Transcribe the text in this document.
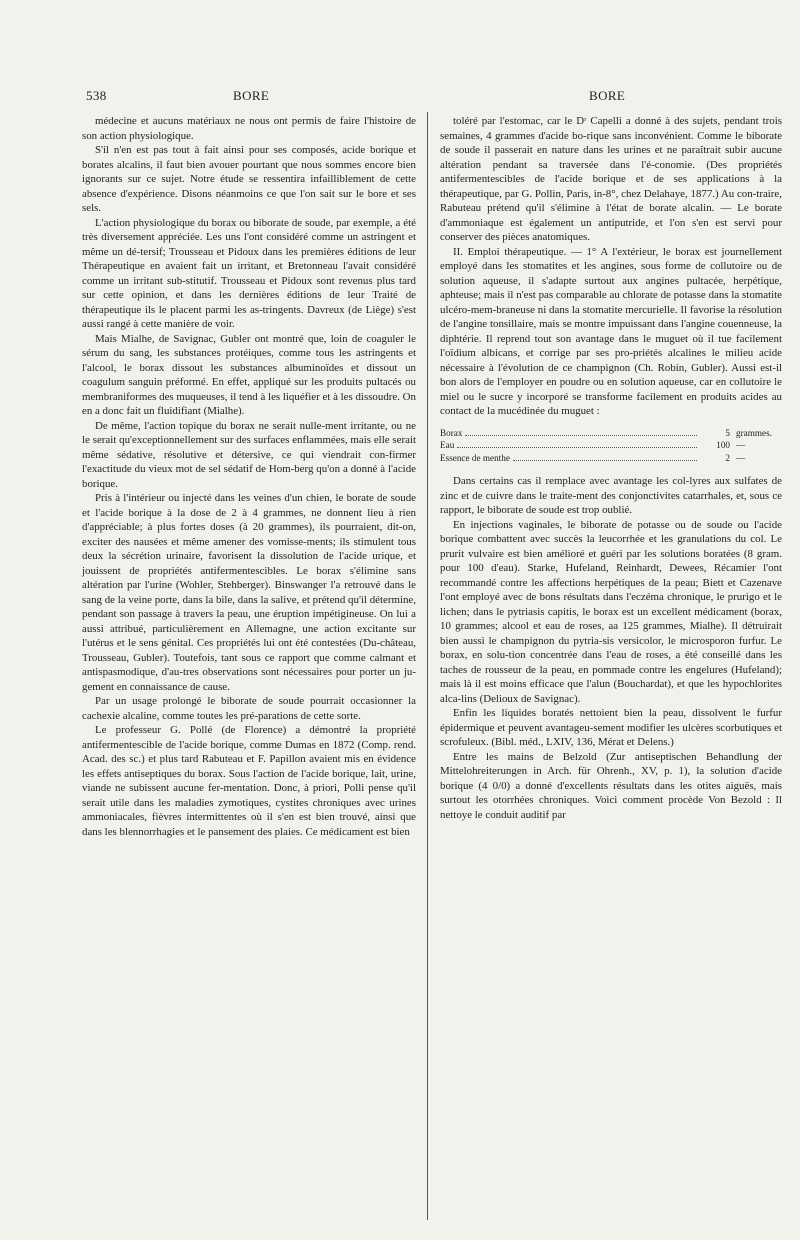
538	BORE	BORE

médecine et aucuns matériaux ne nous ont permis de faire l'histoire de son action physiologique.

S'il n'en est pas tout à fait ainsi pour ses composés, acide borique et borates alcalins, il faut bien avouer pourtant que nous sommes encore bien ignorants sur ce sujet. Notre étude se ressentira infailliblement de cette absence d'expérience. Disons néanmoins ce que l'on sait sur le bore et ses sels.

L'action physiologique du borax ou biborate de soude, par exemple, a été très diversement appréciée. Les uns l'ont considéré comme un astringent et même un dé-tersif; Trousseau et Pidoux dans les premières éditions de leur Thérapeutique en avaient fait un irritant, et Bretonneau l'avait considéré comme un irritant sub-stitutif. Trousseau et Pidoux sont revenus plus tard sur cette opinion, et dans les dernières éditions de leur Traité de thérapeutique ils le placent parmi les as-tringents. Davreux (de Liège) s'est aussi rangé à cette manière de voir.

Mais Mialhe, de Savignac, Gubler ont montré que, loin de coaguler le sérum du sang, les substances protéiques, comme tous les astringents et l'alcool, le borax dissout les substances albuminoïdes et dissout un coagulum sanguin préformé. En effet, appliqué sur les produits pultacés ou membraniformes des muqueuses, il tend à les liquéfier et à les dissoudre. On en a donc fait un fluidifiant (Mialhe).

De même, l'action topique du borax ne serait nulle-ment irritante, ou ne le serait qu'exceptionnellement sur des surfaces enflammées, mais elle serait même sédative, résolutive et détersive, ce qui viendrait con-firmer l'exactitude du vieux mot de sel sédatif de Hom-berg qu'on a donné à l'acide borique.

Pris à l'intérieur ou injecté dans les veines d'un chien, le borate de soude et l'acide borique à la dose de 2 à 4 grammes, ne donnent lieu à rien d'appréciable; à plus fortes doses (à 20 grammes), ils pourraient, dit-on, exciter des nausées et même amener des vomisse-ments; ils stimulent tous deux la sécrétion urinaire, favorisent la dissolution de l'acide urique, et jouissent de propriétés antifermentescibles. Le borax s'élimine sans altération par l'urine (Wohler, Stehberger). Binswanger l'a retrouvé dans le sang de la veine porte, dans la bile, dans la salive, et prétend qu'il détermine, pendant son passage à travers la peau, une éruption impétigineuse. On lui a aussi attribué, particulièrement en Allemagne, une action excitante sur l'utérus et le sens génital. Ces propriétés lui ont été contestées (Du-château, Trousseau, Gubler). Toutefois, tant sous ce rapport que comme calmant et antispasmodique, d'au-tres observations sont nécessaires pour porter un ju-gement en connaissance de cause.

Par un usage prolongé le biborate de soude pourrait occasionner la cachexie alcaline, comme toutes les pré-parations de cette sorte.

Le professeur G. Pollé (de Florence) a démontré la propriété antifermentescible de l'acide borique, comme Dumas en 1872 (Comp. rend. Acad. des sc.) et plus tard Rabuteau et F. Papillon avaient mis en évidence les effets antiseptiques du borax. Sous l'action de l'acide borique, lait, urine, viande ne subissent aucune fer-mentation. Donc, à priori, Polli pense qu'il serait utile dans les maladies zymotiques, cystites chroniques avec urines ammoniacales, fièvres intermittentes où il s'en est bien trouvé, ainsi que dans les blennorrhagies et le pansement des plaies. Ce médicament est bien

toléré par l'estomac, car le Dʳ Capelli a donné à des sujets, pendant trois semaines, 4 grammes d'acide bo-rique sans inconvénient. Comme le biborate de soude il passerait en nature dans les urines et ne paraîtrait subir aucune altération pendant sa traversée dans l'é-conomie. (Des propriétés antifermentescibles de l'acide borique et de ses applications à la thérapeutique, par G. Pollin, Paris, in-8°, chez Delahaye, 1877.) Au con-traire, Rabuteau prétend qu'il s'élimine à l'état de borate alcalin. — Le borate d'ammoniaque est également un antiputride, et l'on s'en est servi pour conserver des pièces anatomiques.

II. Emploi thérapeutique. — 1° A l'extérieur, le borax est journellement employé dans les stomatites et les angines, sous forme de collutoire ou de solution aqueuse, il s'adapte surtout aux angines pultacée, herpétique, aphteuse; mais il n'est pas comparable au chlorate de potasse dans la stomatite ulcéro-mem-braneuse ni dans la stomatite mercurielle. Il favorise la résolution de l'angine tonsillaire, mais se montre impuissant dans l'angine couenneuse, la diphtérie. Il reprend tout son avantage dans le muguet où il tue facilement l'oïdium albicans, et corrige par ses pro-priétés alcalines le milieu acide nécessaire à l'évolution de ce champignon (Ch. Robin, Gubler). Aussi est-il bon alors de l'employer en poudre ou en solution aqueuse, car en collutoire le miel ou le sucre y incorporé se transforme facilement en produits acides au contact de la mucédinée du muguet :

Borax	5 grammes.
Eau	100 —
Essence de menthe	2 —

Dans certains cas il remplace avec avantage les col-lyres aux sulfates de zinc et de cuivre dans le traite-ment des conjonctivites catarrhales, et, sous ce rapport, le biborate de soude est trop oublié.

En injections vaginales, le biborate de potasse ou de soude ou l'acide borique combattent avec succès la leucorrhée et les granulations du col. Le prurit vulvaire est bien amélioré et guéri par les solutions boratées (8 gram. pour 100 d'eau). Starke, Hufeland, Reinhardt, Dewees, Récamier l'ont recommandé contre les affections herpétiques de la peau; Biett et Cazenave l'ont employé avec de bons résultats dans l'eczéma chronique, le prurigo et le lichen; dans le pytriasis capitis, le borax est un excellent médicament (borax, 10 grammes; alcool et eau de roses, aa 125 grammes, Mialhe). Il détruirait bien aussi le champignon du pytria-sis versicolor, le microsporon furfur. Le borax, en solu-tion concentrée dans l'eau de roses, a été conseillé dans les taches de rousseur de la peau, en pommade contre les engelures (Hufeland); mais là il est moins efficace que l'alun (Bouchardat), et que les hypochlorites alca-lins (Delioux de Savignac).

Enfin les liquides boratés nettoient bien la peau, dissolvent le furfur épidermique et peuvent avantageu-sement modifier les ulcères scorbutiques et scrofuleux. (Bibl. méd., LXIV, 136, Mérat et Delens.)

Entre les mains de Belzold (Zur antiseptischen Behandlung der Mittelohreiterungen in Arch. für Ohrenh., XV, p. 1), la solution d'acide borique (4 0/0) a donné d'excellents résultats dans les otites aiguës, mais surtout les otorrhées chroniques. Voici comment procède Von Bezold : Il nettoye le conduit auditif par
